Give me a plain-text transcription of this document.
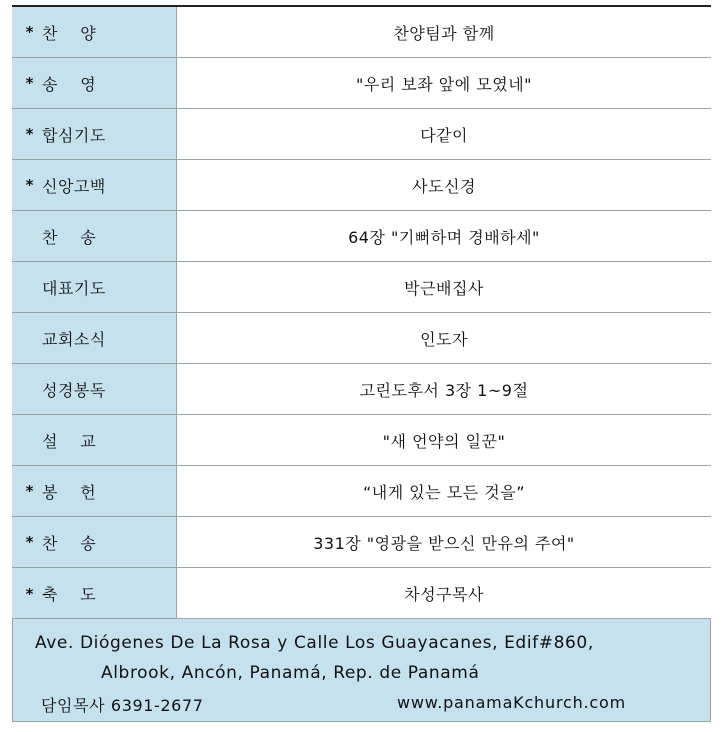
* 찬    양	찬양팀과 함께
* 송    영	"우리 보좌 앞에 모였네"
* 합심기도	다같이
* 신앙고백	사도신경
찬    송	64장 "기뻐하며 경배하세"
대표기도	박근배집사
교회소식	인도자
성경봉독	고린도후서 3장 1~9절
설    교	"새 언약의 일꾼"
* 봉    헌	“내게 있는 모든 것을”
* 찬    송	331장 "영광을 받으신 만유의 주여"
* 축    도	차성구목사
Ave. Diógenes De La Rosa y Calle Los Guayacanes, Edif#860,
Albrook, Ancón, Panamá, Rep. de Panamá
담임목사 6391-2677	www.panamaKchurch.com
